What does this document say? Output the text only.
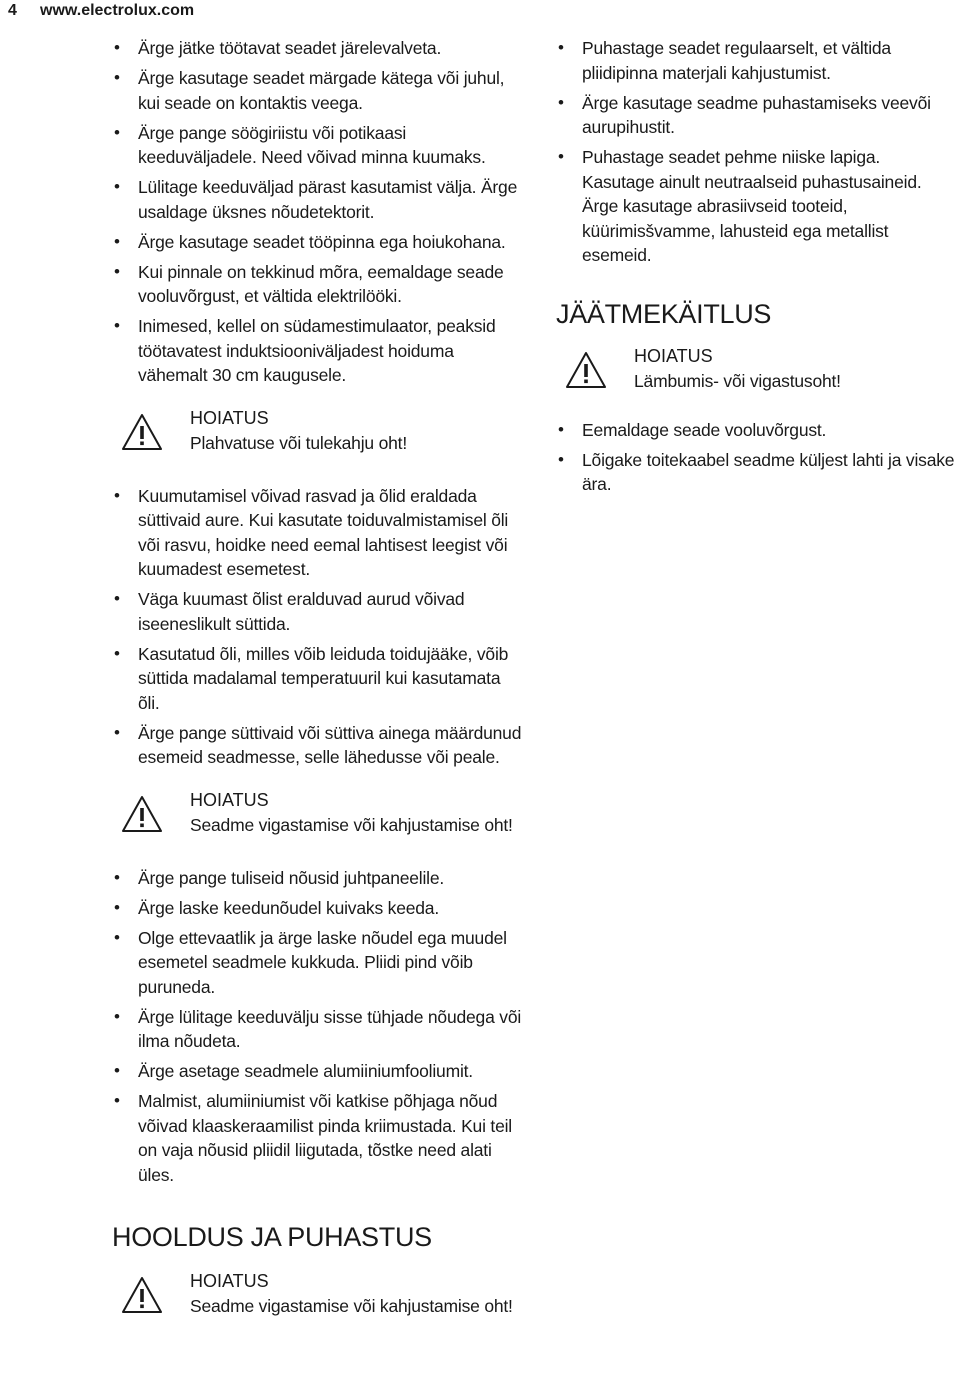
4 www.electrolux.com
• Ärge jätke töötavat seadet järelevalveta.
• Ärge kasutage seadet märgade kätega või juhul, kui seade on kontaktis veega.
• Ärge pange söögiriistu või potikaasi keeduväljadele. Need võivad minna kuumaks.
• Lülitage keeduväljad pärast kasutamist välja. Ärge usaldage üksnes nõudetektorit.
• Ärge kasutage seadet tööpinna ega hoiukohana.
• Kui pinnale on tekkinud mõra, eemaldage seade vooluvõrgust, et vältida elektrilööki.
• Inimesed, kellel on südamestimulaator, peaksid töötavatest induktsiooniväljadest hoiduma vähemalt 30 cm kaugusele.
HOIATUS
Plahvatuse või tulekahju oht!
• Kuumutamisel võivad rasvad ja õlid eraldada süttivaid aure. Kui kasutate toiduvalmistamisel õli või rasvu, hoidke need eemal lahtisest leegist või kuumadest esemetest.
• Väga kuumast õlist eralduvad aurud võivad iseeneslikult süttida.
• Kasutatud õli, milles võib leiduda toidujääke, võib süttida madalamal temperatuuril kui kasutamata õli.
• Ärge pange süttivaid või süttiva ainega määrdunud esemeid seadmesse, selle lähedusse või peale.
HOIATUS
Seadme vigastamise või kahjustamise oht!
• Ärge pange tuliseid nõusid juhtpaneelile.
• Ärge laske keedunõudel kuivaks keeda.
• Olge ettevaatlik ja ärge laske nõudel ega muudel esemetel seadmele kukkuda. Pliidi pind võib puruneda.
• Ärge lülitage keeduvälju sisse tühjade nõudega või ilma nõudeta.
• Ärge asetage seadmele alumiiniumfooliumit.
• Malmist, alumiiniumist või katkise põhjaga nõud võivad klaaskeraamilist pinda kriimustada. Kui teil on vaja nõusid pliidil liigutada, tõstke need alati üles.
HOOLDUS JA PUHASTUS
HOIATUS
Seadme vigastamise või kahjustamise oht!
• Puhastage seadet regulaarselt, et vältida pliidipinna materjali kahjustumist.
• Ärge kasutage seadme puhastamiseks veevõi aurupihustit.
• Puhastage seadet pehme niiske lapiga. Kasutage ainult neutraalseid puhastusaineid. Ärge kasutage abrasiivseid tooteid, küürimisšvamme, lahusteid ega metallist esemeid.
JÄÄTMEKÄITLUS
HOIATUS
Lämbumis- või vigastusoht!
• Eemaldage seade vooluvõrgust.
• Lõigake toitekaabel seadme küljest lahti ja visake ära.
